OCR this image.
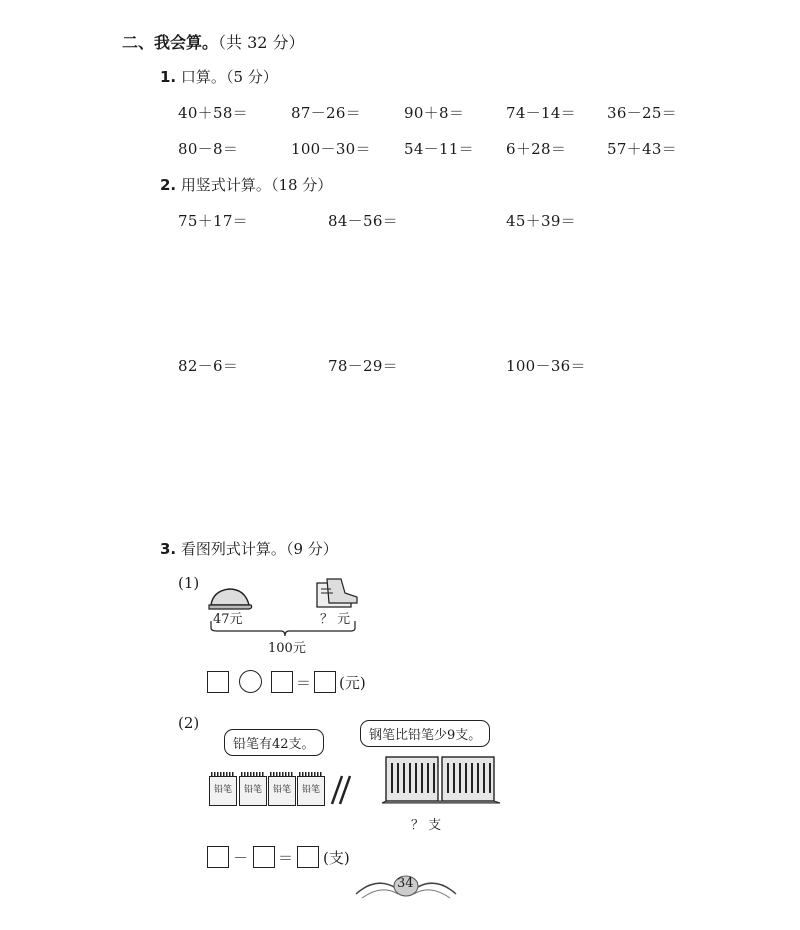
二、我会算。（共 32 分）
1. 口算。（5 分）
40＋58＝	87－26＝	90＋8＝	74－14＝ 36－25＝
80－8＝	100－30＝ 54－11＝ 6＋28＝	57＋43＝
2. 用竖式计算。（18 分）
75＋17＝	84－56＝	45＋39＝
82－6＝	78－29＝	100－36＝
3. 看图列式计算。（9 分）
(1)
47元	？ 元
100元
＝ (元)
(2)
铅笔有42支。
钢笔比铅笔少9支。
铅笔	铅笔	铅笔	铅笔
？ 支
－ ＝ (支)
34
